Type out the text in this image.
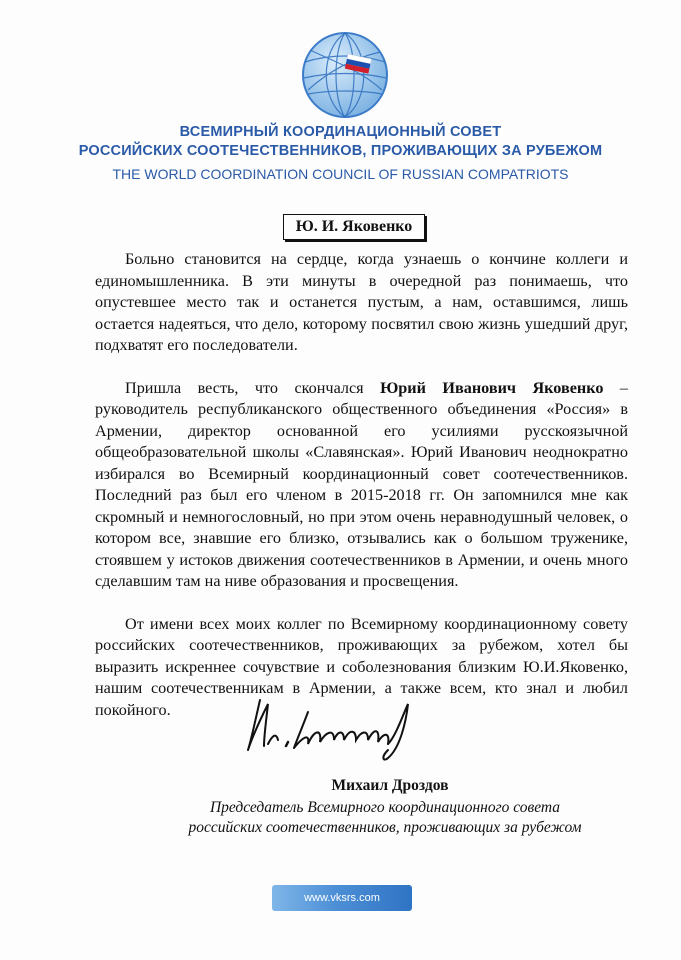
ВСЕМИРНЫЙ КООРДИНАЦИОННЫЙ СОВЕТ
РОССИЙСКИХ СООТЕЧЕСТВЕННИКОВ, ПРОЖИВАЮЩИХ ЗА РУБЕЖОМ
THE WORLD COORDINATION COUNCIL OF RUSSIAN COMPATRIOTS
Ю. И. Яковенко

Больно становится на сердце, когда узнаешь о кончине коллеги и единомышленника. В эти минуты в очередной раз понимаешь, что опустевшее место так и останется пустым, а нам, оставшимся, лишь остается надеяться, что дело, которому посвятил свою жизнь ушедший друг, подхватят его последователи.

Пришла весть, что скончался Юрий Иванович Яковенко – руководитель республиканского общественного объединения «Россия» в Армении, директор основанной его усилиями русскоязычной общеобразовательной школы «Славянская». Юрий Иванович неоднократно избирался во Всемирный координационный совет соотечественников. Последний раз был его членом в 2015-2018 гг. Он запомнился мне как скромный и немногословный, но при этом очень неравнодушный человек, о котором все, знавшие его близко, отзывались как о большом труженике, стоявшем у истоков движения соотечественников в Армении, и очень много сделавшим там на ниве образования и просвещения.

От имени всех моих коллег по Всемирному координационному совету российских соотечественников, проживающих за рубежом, хотел бы выразить искреннее сочувствие и соболезнования близким Ю.И.Яковенко, нашим соотечественникам в Армении, а также всем, кто знал и любил покойного.

Михаил Дроздов
Председатель Всемирного координационного совета
российских соотечественников, проживающих за рубежом
www.vksrs.com
